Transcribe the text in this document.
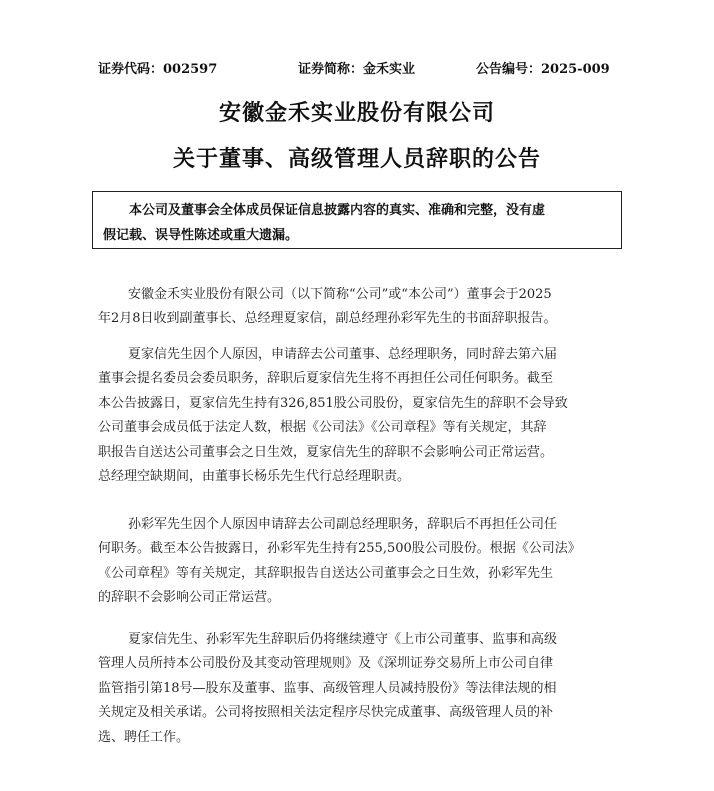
证券代码：002597	证券简称：金禾实业	公告编号：2025-009
安徽金禾实业股份有限公司
关于董事、高级管理人员辞职的公告
本公司及董事会全体成员保证信息披露内容的真实、准确和完整，没有虚
假记载、误导性陈述或重大遗漏。
安徽金禾实业股份有限公司（以下简称“公司”或“本公司”）董事会于2025
年2月8日收到副董事长、总经理夏家信，副总经理孙彩军先生的书面辞职报告。
夏家信先生因个人原因，申请辞去公司董事、总经理职务，同时辞去第六届
董事会提名委员会委员职务，辞职后夏家信先生将不再担任公司任何职务。截至
本公告披露日，夏家信先生持有326,851股公司股份，夏家信先生的辞职不会导致
公司董事会成员低于法定人数，根据《公司法》《公司章程》等有关规定，其辞
职报告自送达公司董事会之日生效，夏家信先生的辞职不会影响公司正常运营。
总经理空缺期间，由董事长杨乐先生代行总经理职责。
孙彩军先生因个人原因申请辞去公司副总经理职务，辞职后不再担任公司任
何职务。截至本公告披露日，孙彩军先生持有255,500股公司股份。根据《公司法》
《公司章程》等有关规定，其辞职报告自送达公司董事会之日生效，孙彩军先生
的辞职不会影响公司正常运营。
夏家信先生、孙彩军先生辞职后仍将继续遵守《上市公司董事、监事和高级
管理人员所持本公司股份及其变动管理规则》及《深圳证券交易所上市公司自律
监管指引第18号—股东及董事、监事、高级管理人员减持股份》等法律法规的相
关规定及相关承诺。公司将按照相关法定程序尽快完成董事、高级管理人员的补
选、聘任工作。
